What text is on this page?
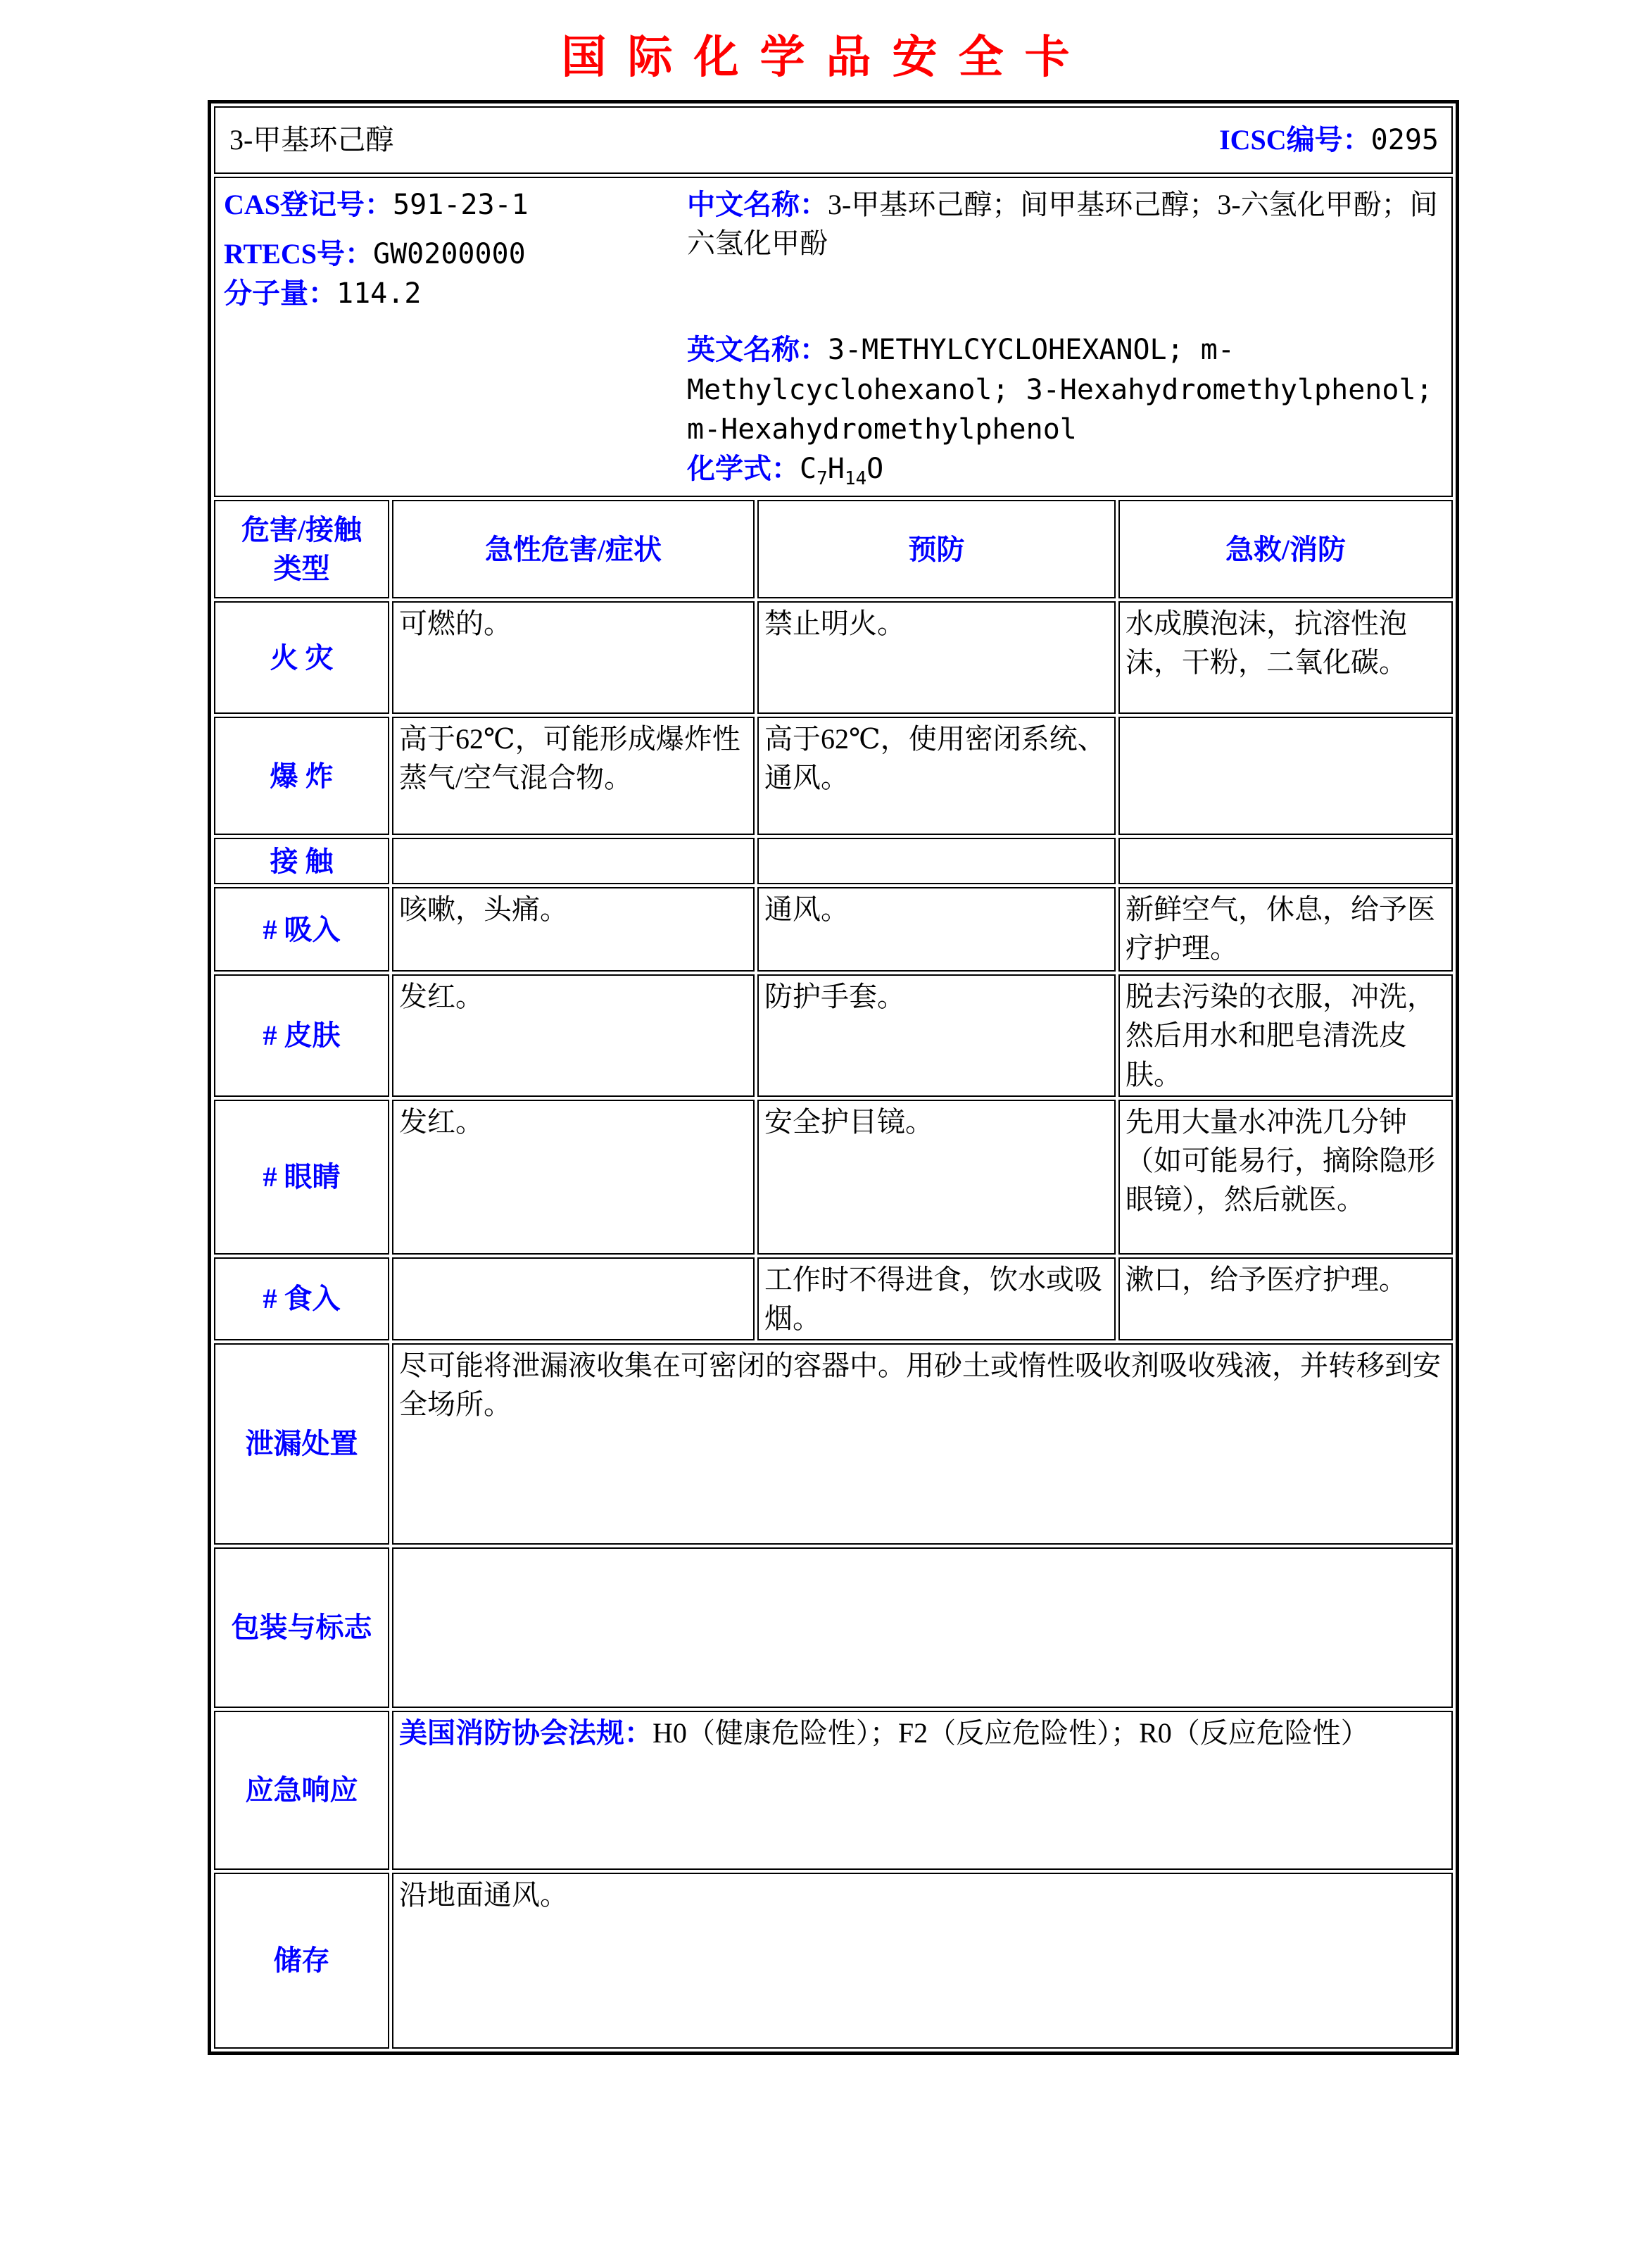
国际化学品安全卡
3-甲基环己醇 ICSC编号：0295			

CAS登记号：591-23-1

RTECS号：GW0200000

分子量：114.2

中文名称：3-甲基环己醇；间甲基环己醇；3-六氢化甲酚；间六氢化甲酚

英文名称：3-METHYLCYCLOHEXANOL; m-Methylcyclohexanol; 3-Hexahydromethylphenol; m-Hexahydromethylphenol

化学式：$C_7H_{14}O$

危害/接触
类型	急性危害/症状	预防	急救/消防
火 灾	可燃的。	禁止明火。	水成膜泡沫，抗溶性泡沫，干粉，二氧化碳。
爆 炸	高于62℃，可能形成爆炸性蒸气/空气混合物。	高于62℃，使用密闭系统、通风。	
接 触			
# 吸入	咳嗽，头痛。	通风。	新鲜空气，休息，给予医疗护理。
# 皮肤	发红。	防护手套。	脱去污染的衣服，冲洗，然后用水和肥皂清洗皮肤。
# 眼睛	发红。	安全护目镜。	先用大量水冲洗几分钟（如可能易行，摘除隐形眼镜），然后就医。
# 食入		工作时不得进食，饮水或吸烟。	漱口，给予医疗护理。
泄漏处置	尽可能将泄漏液收集在可密闭的容器中。用砂土或惰性吸收剂吸收残液，并转移到安全场所。		
包装与标志			
应急响应	美国消防协会法规：H0（健康危险性）；F2（反应危险性）；R0（反应危险性）		
储存	沿地面通风。		
